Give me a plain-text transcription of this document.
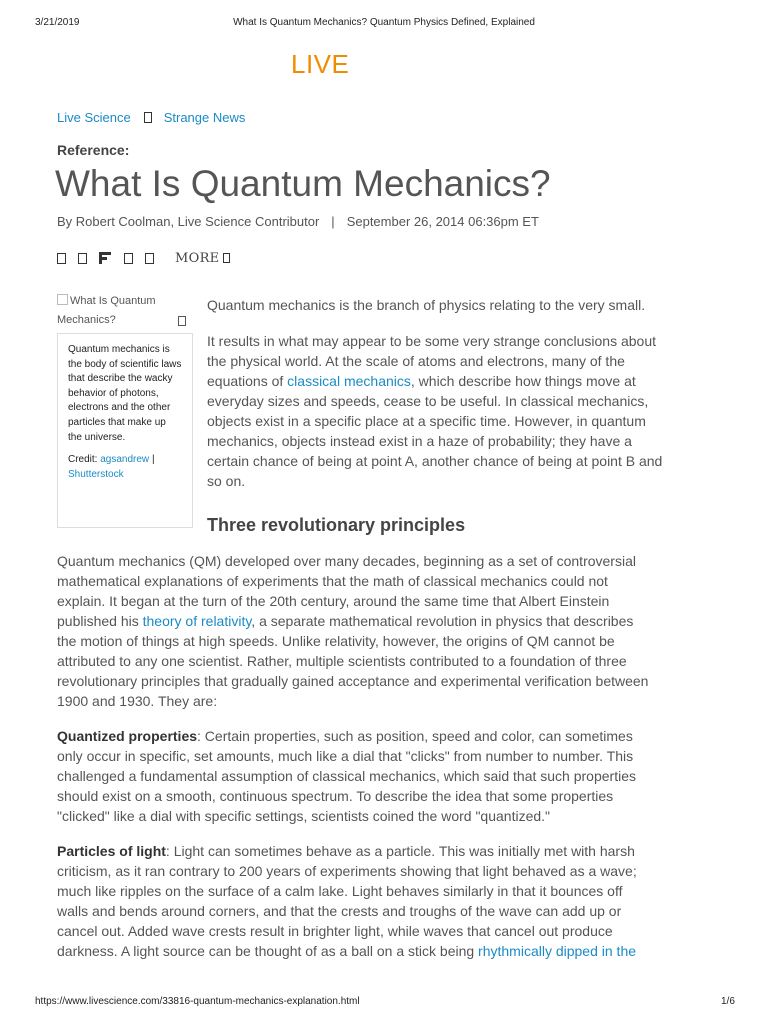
3/21/2019	What Is Quantum Mechanics? Quantum Physics Defined, Explained
LIVE
Live Science	Strange News
Reference:
What Is Quantum Mechanics?
By Robert Coolman, Live Science Contributor | September 26, 2014 06:36pm ET
MORE
What Is Quantum Mechanics?
Quantum mechanics is the body of scientific laws that describe the wacky behavior of photons, electrons and the other particles that make up the universe.
Credit: agsandrew | Shutterstock
Quantum mechanics is the branch of physics relating to the very small.
It results in what may appear to be some very strange conclusions about
the physical world. At the scale of atoms and electrons, many of the
equations of classical mechanics, which describe how things move at
everyday sizes and speeds, cease to be useful. In classical mechanics,
objects exist in a specific place at a specific time. However, in quantum
mechanics, objects instead exist in a haze of probability; they have a
certain chance of being at point A, another chance of being at point B and
so on.
Three revolutionary principles
Quantum mechanics (QM) developed over many decades, beginning as a set of controversial
mathematical explanations of experiments that the math of classical mechanics could not
explain. It began at the turn of the 20th century, around the same time that Albert Einstein
published his theory of relativity, a separate mathematical revolution in physics that describes
the motion of things at high speeds. Unlike relativity, however, the origins of QM cannot be
attributed to any one scientist. Rather, multiple scientists contributed to a foundation of three
revolutionary principles that gradually gained acceptance and experimental verification between
1900 and 1930. They are:
Quantized properties: Certain properties, such as position, speed and color, can sometimes
only occur in specific, set amounts, much like a dial that "clicks" from number to number. This
challenged a fundamental assumption of classical mechanics, which said that such properties
should exist on a smooth, continuous spectrum. To describe the idea that some properties
"clicked" like a dial with specific settings, scientists coined the word "quantized."
Particles of light: Light can sometimes behave as a particle. This was initially met with harsh
criticism, as it ran contrary to 200 years of experiments showing that light behaved as a wave;
much like ripples on the surface of a calm lake. Light behaves similarly in that it bounces off
walls and bends around corners, and that the crests and troughs of the wave can add up or
cancel out. Added wave crests result in brighter light, while waves that cancel out produce
darkness. A light source can be thought of as a ball on a stick being rhythmically dipped in the
https://www.livescience.com/33816-quantum-mechanics-explanation.html	1/6
